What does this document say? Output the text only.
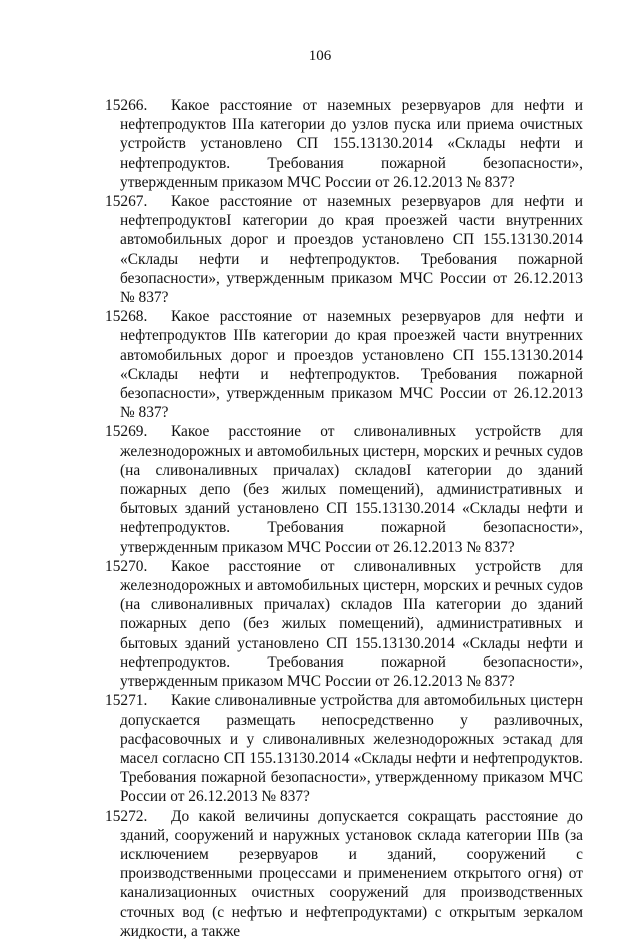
106
15266.	Какое расстояние от наземных резервуаров для нефти и нефтепродуктов IIIа категории до узлов пуска или приема очистных устройств установлено СП 155.13130.2014 «Склады нефти и нефтепродуктов. Требования пожарной безопасности», утвержденным приказом МЧС России от 26.12.2013 № 837?
15267.	Какое расстояние от наземных резервуаров для нефти и нефтепродуктовI категории до края проезжей части внутренних автомобильных дорог и проездов установлено СП 155.13130.2014 «Склады нефти и нефтепродуктов. Требования пожарной безопасности», утвержденным приказом МЧС России от 26.12.2013 № 837?
15268.	Какое расстояние от наземных резервуаров для нефти и нефтепродуктов IIIв категории до края проезжей части внутренних автомобильных дорог и проездов установлено СП 155.13130.2014 «Склады нефти и нефтепродуктов. Требования пожарной безопасности», утвержденным приказом МЧС России от 26.12.2013 № 837?
15269.	Какое расстояние от сливоналивных устройств для железнодорожных и автомобильных цистерн, морских и речных судов (на сливоналивных причалах) складовI категории до зданий пожарных депо (без жилых помещений), административных и бытовых зданий установлено СП 155.13130.2014 «Склады нефти и нефтепродуктов. Требования пожарной безопасности», утвержденным приказом МЧС России от 26.12.2013 № 837?
15270.	Какое расстояние от сливоналивных устройств для железнодорожных и автомобильных цистерн, морских и речных судов (на сливоналивных причалах) складов IIIа категории до зданий пожарных депо (без жилых помещений), административных и бытовых зданий установлено СП 155.13130.2014 «Склады нефти и нефтепродуктов. Требования пожарной безопасности», утвержденным приказом МЧС России от 26.12.2013 № 837?
15271.	Какие сливоналивные устройства для автомобильных цистерн допускается размещать непосредственно у разливочных, расфасовочных и у сливоналивных железнодорожных эстакад для масел согласно СП 155.13130.2014 «Склады нефти и нефтепродуктов. Требования пожарной безопасности», утвержденному приказом МЧС России от 26.12.2013 № 837?
15272.	До какой величины допускается сокращать расстояние до зданий, сооружений и наружных установок склада категории IIIв (за исключением резервуаров и зданий, сооружений с производственными процессами и применением открытого огня) от канализационных очистных сооружений для производственных сточных вод (с нефтью и нефтепродуктами) с открытым зеркалом жидкости, а также
